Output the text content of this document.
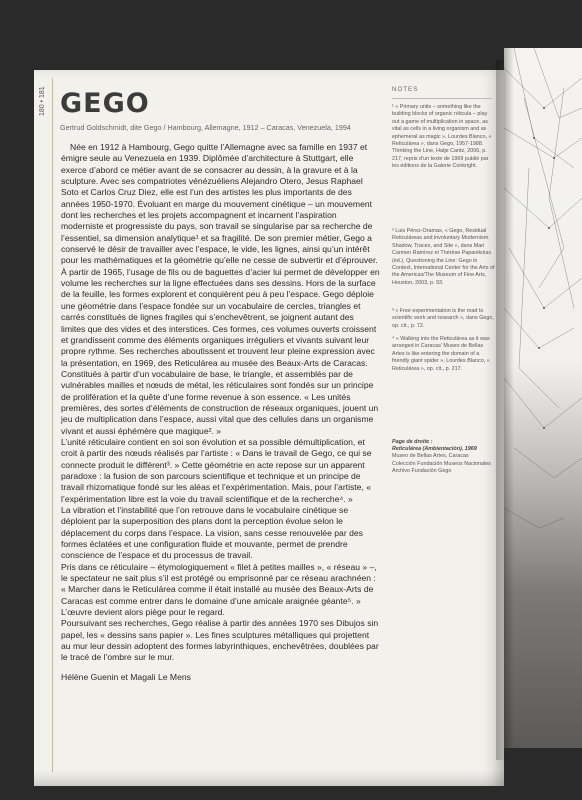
180 • 181 GEGO
Gertrud Goldschmidt, dite Gego / Hambourg, Allemagne, 1912 – Caracas, Venezuela, 1994

Née en 1912 à Hambourg, Gego quitte l’Allemagne avec sa famille en 1937 et émigre seule au Venezuela en 1939. Diplômée d’architecture à Stuttgart, elle exerce d’abord ce métier avant de se consacrer au dessin, à la gravure et à la sculpture. Avec ses compatriotes vénézuéliens Alejandro Otero, Jesus Raphael Soto et Carlos Cruz Diez, elle est l’un des artistes les plus importants de des années 1950-1970. Évoluant en marge du mouvement cinétique – un mouvement dont les recherches et les projets accompagnent et incarnent l’aspiration moderniste et progressiste du pays, son travail se singularise par sa recherche de l’essentiel, sa dimension analytique¹ et sa fragilité. De son premier métier, Gego a conservé le désir de travailler avec l’espace, le vide, les lignes, ainsi qu’un intérêt pour les mathématiques et la géométrie qu’elle ne cesse de subvertir et d’éprouver. À partir de 1965, l’usage de fils ou de baguettes d’acier lui permet de développer en volume les recherches sur la ligne effectuées dans ses dessins. Hors de la surface de la feuille, les formes explorent et conquièrent peu à peu l’espace. Gego déploie une géométrie dans l’espace fondée sur un vocabulaire de cercles, triangles et carrés constitués de lignes fragiles qui s’enchevêtrent, se joignent autant des limites que des vides et des interstices. Ces formes, ces volumes ouverts croissent et grandissent comme des éléments organiques irréguliers et vivants suivant leur propre rythme. Ses recherches aboutissent et trouvent leur pleine expression avec la présentation, en 1969, des Reticulárea au musée des Beaux-Arts de Caracas.

Constitués à partir d’un vocabulaire de base, le triangle, et assemblés par de vulnérables mailles et nœuds de métal, les réticulaires sont fondés sur un principe de prolifération et la quête d’une forme revenue à son essence. « Les unités premières, des sortes d’éléments de construction de réseaux organiques, jouent un jeu de multiplication dans l’espace, aussi vital que des cellules dans un organisme vivant et aussi éphémère que magique². »

L’unité réticulaire contient en soi son évolution et sa possible démultiplication, et croit à partir des nœuds réalisés par l’artiste : « Dans le travail de Gego, ce qui se connecte produit le différent³. » Cette géométrie en acte repose sur un apparent paradoxe : la fusion de son parcours scientifique et technique et un principe de travail rhizomatique fondé sur les aléas et l’expérimentation. Mais, pour l’artiste, « l’expérimentation libre est la voie du travail scientifique et de la recherche⁴. »

La vibration et l’instabilité que l’on retrouve dans le vocabulaire cinétique se déploient par la superposition des plans dont la perception évolue selon le déplacement du corps dans l’espace. La vision, sans cesse renouvelée par des formes éclatées et une configuration fluide et mouvante, permet de prendre conscience de l’espace et du processus de travail.

Pris dans ce réticulaire – étymologiquement « filet à petites mailles », « réseau » –, le spectateur ne sait plus s’il est protégé ou emprisonné par ce réseau arachnéen : « Marcher dans le Reticulárea comme il était installé au musée des Beaux-Arts de Caracas est comme entrer dans le domaine d’une amicale araignée géante⁵. » L’œuvre devient alors piège pour le regard.

Poursuivant ses recherches, Gego réalise à partir des années 1970 ses Dibujos sin papel, les « dessins sans papier ». Les fines sculptures métalliques qui projettent au mur leur dessin adoptent des formes labyrinthiques, enchevêtrées, doublées par le tracé de l’ombre sur le mur.

Hélène Guenin et Magali Le Mens

NOTES

¹ « Primary units – something like the building blocks of organic réticula – play out a game of multiplication in space, as vital as cells in a living organism and as ephemeral as magic », Lourdes Blanco, « Reticulárea », dans Gego, 1957-1988. Thinking the Line, Hatje Cantz, 2006, p. 217, repris d’un texte de 1969 publié par les éditions de la Galerie Conkright.

² Luis Pérez-Oramas, « Gego, Residual Reticuláreas and involuntary Modernism. Shadow, Traces, and Site », dans Mari Carmen Ramírez et Thérèse Papanikolas (éd.), Questioning the Line: Gego in Context, International Center for the Arts of the Americas/The Museum of Fine Arts, Houston, 2003, p. 93.

³ « Free experimentation is the road to scientific work and research », dans Gego, op. cit., p. 72.

⁴ « Walking into the Reticulárea as it was arranged in Caracas’ Museo de Bellas Artes is like entering the domain of a friendly giant spider », Lourdes Blanco, « Reticulárea », op. cit., p. 217.

Page de droite :
Reticulárea (Ambientación), 1969
Museo de Bellas Artes, Caracas
Colección Fundación Museos Nacionales
Archivo Fundación Gego
